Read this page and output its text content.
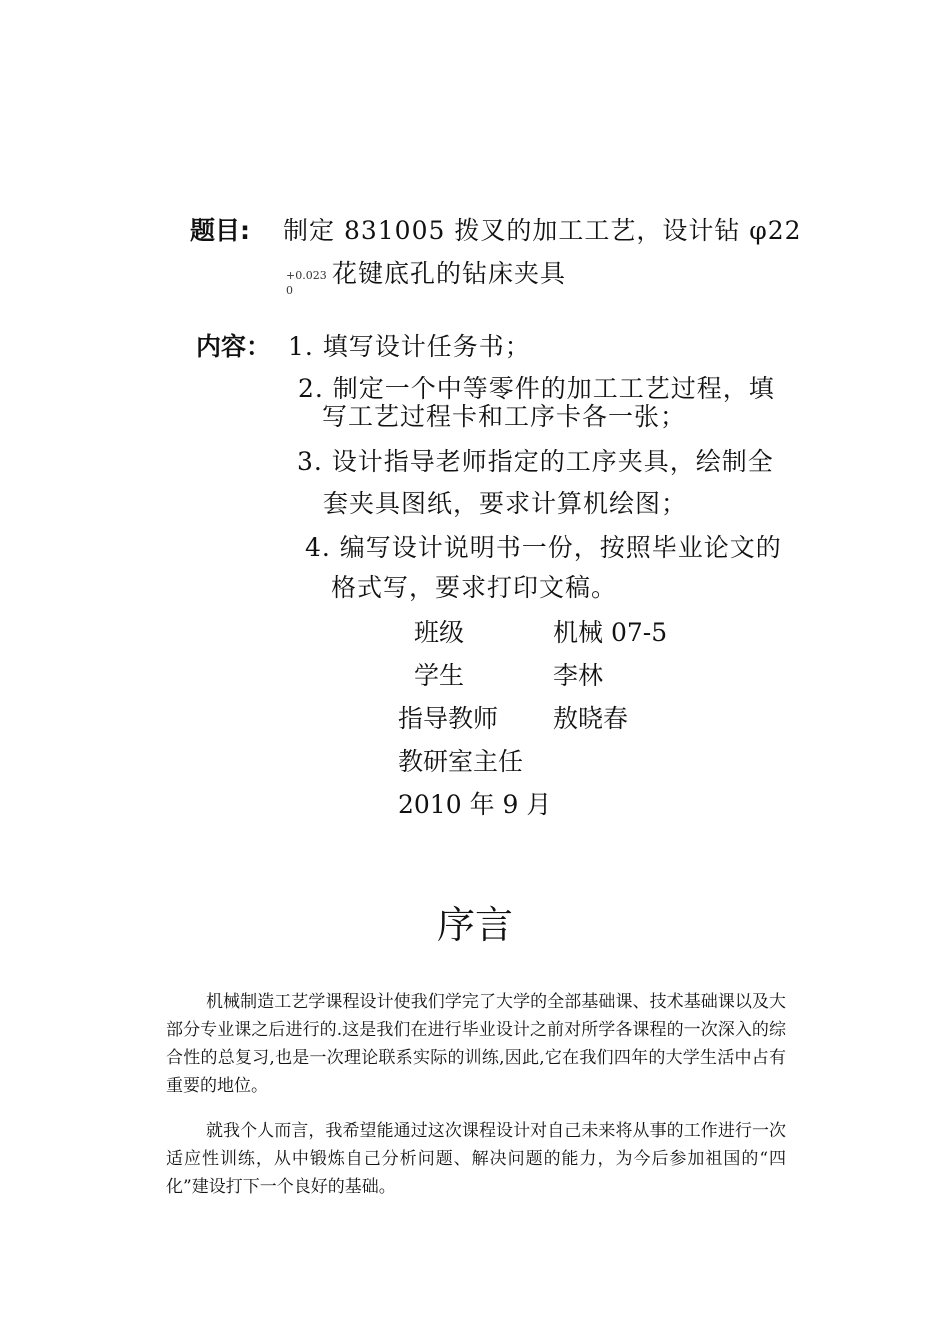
题目: 制定 831005 拨叉的加工工艺，设计钻 φ22
+0.023
0
花键底孔的钻床夹具
内容： 1. 填写设计任务书；
2. 制定一个中等零件的加工工艺过程，填
写工艺过程卡和工序卡各一张；
3. 设计指导老师指定的工序夹具，绘制全
套夹具图纸，要求计算机绘图；
4. 编写设计说明书一份，按照毕业论文的
格式写，要求打印文稿。
班级	机械 07-5
学生	李林
指导教师 敖晓春
教研室主任
2010 年 9 月
序言

机械制造工艺学课程设计使我们学完了大学的全部基础课、技术基础课以及大部分专业课之后进行的.这是我们在进行毕业设计之前对所学各课程的一次深入的综合性的总复习,也是一次理论联系实际的训练,因此,它在我们四年的大学生活中占有重要的地位。

就我个人而言，我希望能通过这次课程设计对自己未来将从事的工作进行一次适应性训练，从中锻炼自己分析问题、解决问题的能力，为今后参加祖国的“四化”建设打下一个良好的基础。
